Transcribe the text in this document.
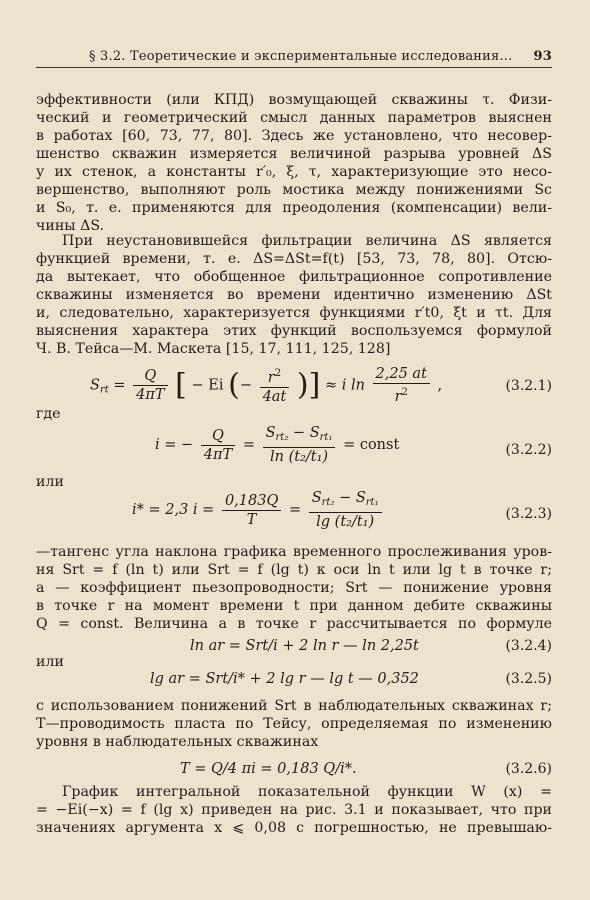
§ 3.2. Теоретические и экспериментальные исследования... 93
эффективности (или КПД) возмущающей скважины τ. Физи-
ческий и геометрический смысл данных параметров выяснен
в работах [60, 73, 77, 80]. Здесь же установлено, что несовер-
шенство скважин измеряется величиной разрыва уровней ΔS
у их стенок, а константы r′₀, ξ, τ, характеризующие это несо-
вершенство, выполняют роль мостика между понижениями Sc
и S₀, т. е. применяются для преодоления (компенсации) вели-
чины ΔS.
При неустановившейся фильтрации величина ΔS является
функцией времени, т. е. ΔS=ΔSt=f(t) [53, 73, 78, 80]. Отсю-
да вытекает, что обобщенное фильтрационное сопротивление
скважины изменяется во времени идентично изменению ΔSt
и, следовательно, характеризуется функциями r′t0, ξt и τt. Для
выяснения характера этих функций воспользуемся формулой
Ч. В. Тейса—М. Маскета [15, 17, 111, 125, 128]
$S_{rt} = \frac{Q}{4\pi T}$ [ − Ei (− $\frac{r^2}{4at}$ )] ≈ i $\ln \frac{2,25 at}{r^2}$ ,	(3.2.1)
где
i = − $\frac{Q}{4\pi T} = \frac{S_{rt_2} - S_{rt_1}}{\text{ln (t₂/t₁)}}$ = const	(3.2.2)
или
i* = 2,3 $i = \frac{0,183Q}{T} = \frac{S_{rt_2} - S_{rt_1}}{\text{lg (t₂/t₁)}}$	(3.2.3)
—тангенс угла наклона графика временного прослеживания уров-
ня Srt = f (ln t) или Srt = f (lg t) к оси ln t или lg t в точке r;
a — коэффициент пьезопроводности; Srt — понижение уровня
в точке r на момент времени t при данном дебите скважины
Q = const. Величина a в точке r рассчитывается по формуле
ln ar = Srt/i + 2 ln r — ln 2,25t	(3.2.4)
или
lg ar = Srt/i* + 2 lg r — lg t — 0,352	(3.2.5)
с использованием понижений Srt в наблюдательных скважинах r;
T—проводимость пласта по Тейсу, определяемая по изменению
уровня в наблюдательных скважинах
T = Q/4 πi = 0,183 Q/i*.	(3.2.6)
График интегральной показательной функции W (x) =
= −Ei(−x) = f (lg x) приведен на рис. 3.1 и показывает, что при
значениях аргумента x ⩽ 0,08 с погрешностью, не превышаю-
